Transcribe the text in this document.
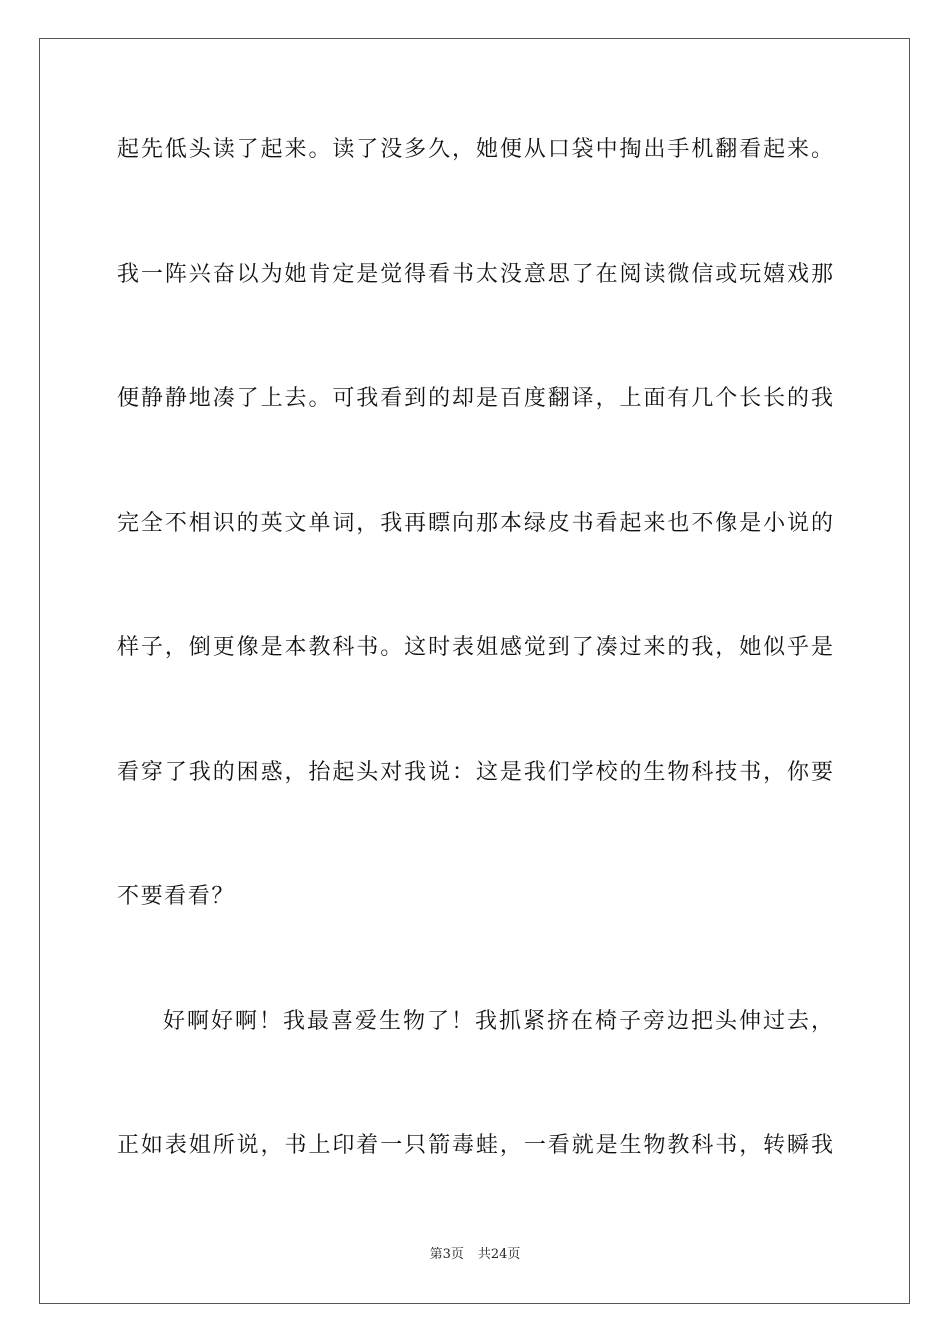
起先低头读了起来。读了没多久，她便从口袋中掏出手机翻看起来。
我一阵兴奋以为她肯定是觉得看书太没意思了在阅读微信或玩嬉戏那
便静静地凑了上去。可我看到的却是百度翻译，上面有几个长长的我
完全不相识的英文单词，我再瞟向那本绿皮书看起来也不像是小说的
样子，倒更像是本教科书。这时表姐感觉到了凑过来的我，她似乎是
看穿了我的困惑，抬起头对我说：这是我们学校的生物科技书，你要
不要看看？
好啊好啊！我最喜爱生物了！我抓紧挤在椅子旁边把头伸过去，
正如表姐所说，书上印着一只箭毒蛙，一看就是生物教科书，转瞬我
第3页 共24页
